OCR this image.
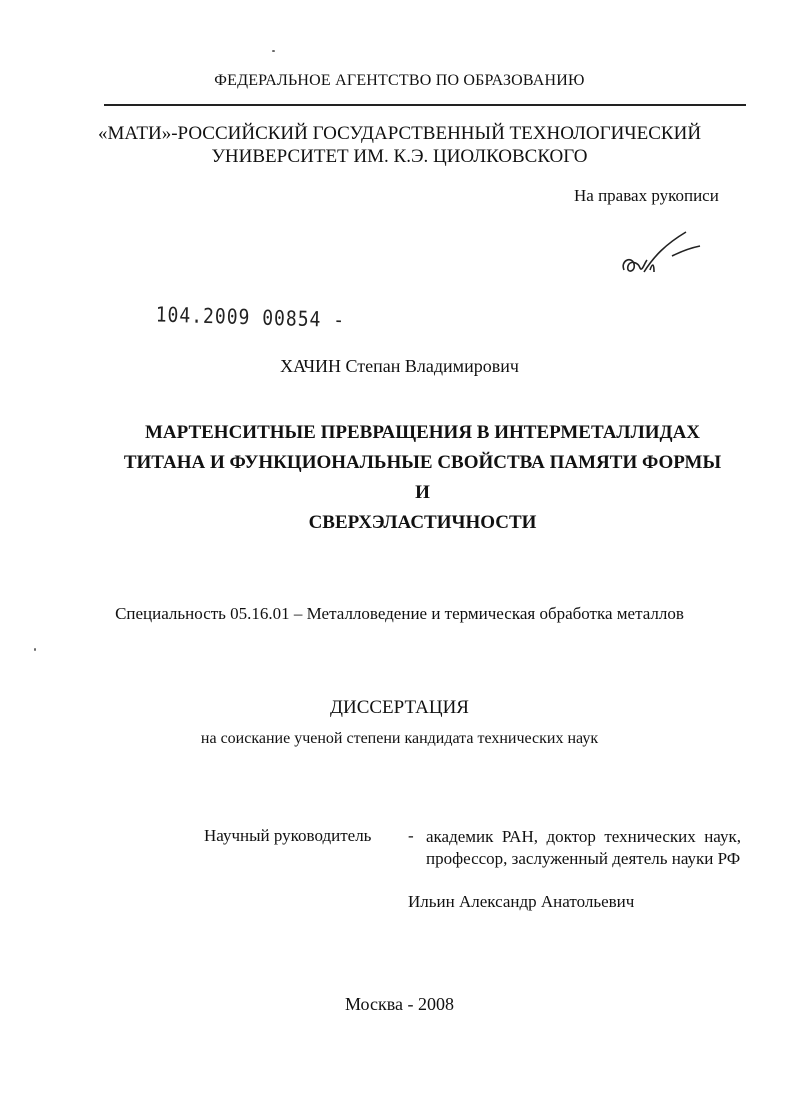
ФЕДЕРАЛЬНОЕ АГЕНТСТВО ПО ОБРАЗОВАНИЮ
«МАТИ»-РОССИЙСКИЙ ГОСУДАРСТВЕННЫЙ ТЕХНОЛОГИЧЕСКИЙ
УНИВЕРСИТЕТ ИМ. К.Э. ЦИОЛКОВСКОГО
На правах рукописи
104.2009 00854 -
ХАЧИН Степан Владимирович
МАРТЕНСИТНЫЕ ПРЕВРАЩЕНИЯ В ИНТЕРМЕТАЛЛИДАХ
ТИТАНА И ФУНКЦИОНАЛЬНЫЕ СВОЙСТВА ПАМЯТИ ФОРМЫ И
СВЕРХЭЛАСТИЧНОСТИ
Специальность 05.16.01 – Металловедение и термическая обработка металлов
ДИССЕРТАЦИЯ
на соискание ученой степени кандидата технических наук
Научный руководитель - академик РАН, доктор технических наук, профессор, заслуженный деятель науки РФ
Ильин Александр Анатольевич
Москва - 2008
